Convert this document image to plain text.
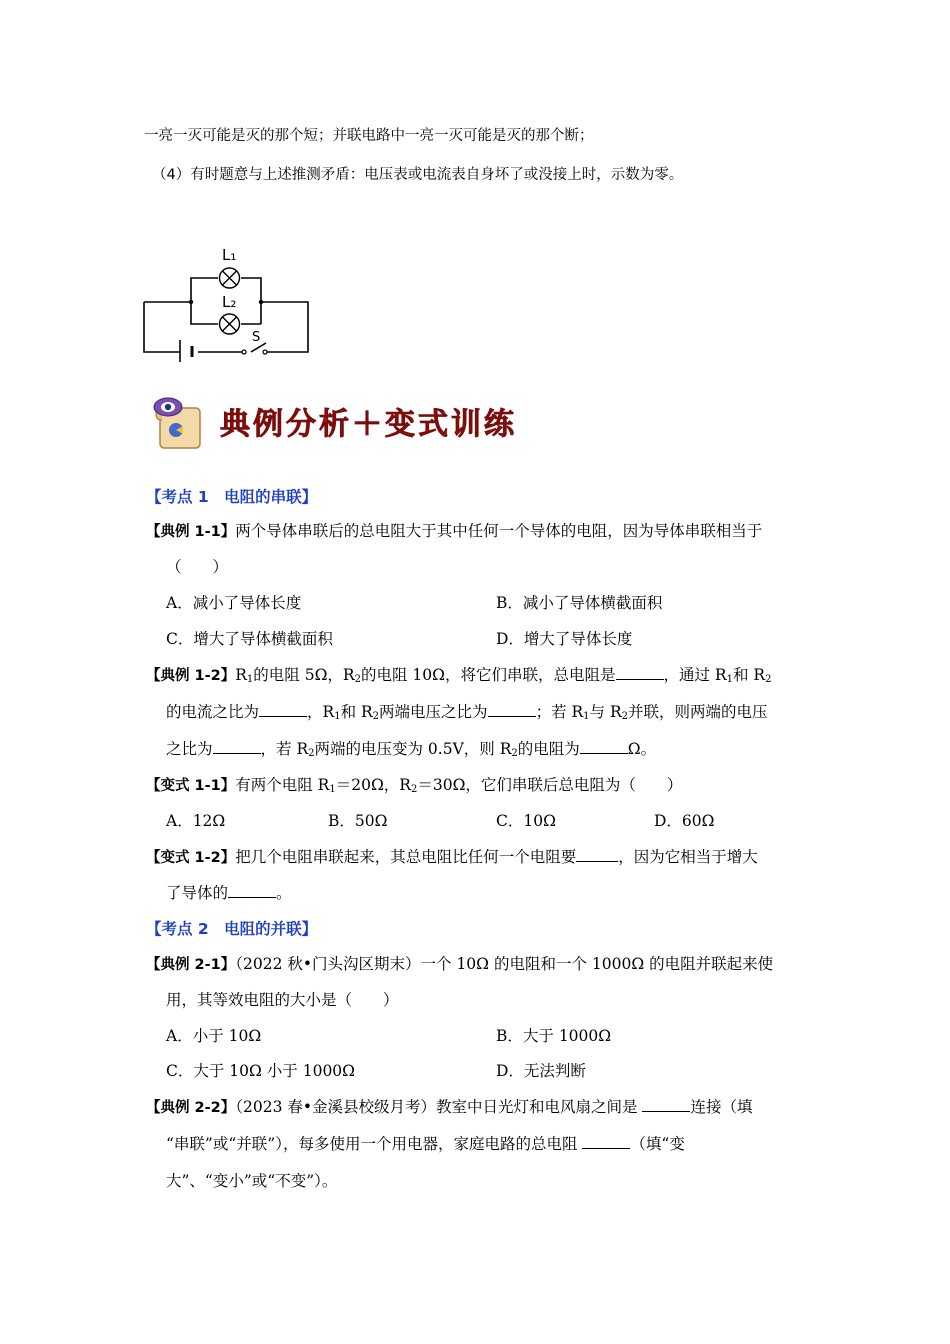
一亮一灭可能是灭的那个短；并联电路中一亮一灭可能是灭的那个断；
（4）有时题意与上述推测矛盾：电压表或电流表自身坏了或没接上时，示数为零。
L₁
L₂
S
典例分析＋变式训练
【考点 1　电阻的串联】
【典例 1-1】两个导体串联后的总电阻大于其中任何一个导体的电阻，因为导体串联相当于
（　　）
A．减小了导体长度	B．减小了导体横截面积
C．增大了导体横截面积	D．增大了导体长度
【典例 1-2】$R_1$的电阻 5Ω，$R_2$的电阻 10Ω，将它们串联，总电阻是	，通过 $R_1$和 $R_2$
的电流之比为	，$R_1$和 $R_2$两端电压之比为	；若 $R_1$与 $R_2$并联，则两端的电压
之比为	，若 $R_2$两端的电压变为 0.5V，则 $R_2$的电阻为	Ω。
【变式 1-1】有两个电阻 $R_1=20\Omega$，$R_2=30\Omega$，它们串联后总电阻为（　　）
A．12Ω	B．50Ω	C．10Ω	D．60Ω
【变式 1-2】把几个电阻串联起来，其总电阻比任何一个电阻要	，因为它相当于增大
了导体的	。
【考点 2　电阻的并联】
【典例 2-1】（2022 秋•门头沟区期末）一个 10Ω 的电阻和一个 1000Ω 的电阻并联起来使
用，其等效电阻的大小是（　　）
A．小于 10Ω	B．大于 1000Ω
C．大于 10Ω 小于 1000Ω	D．无法判断
【典例 2-2】（2023 春•金溪县校级月考）教室中日光灯和电风扇之间是	连接（填
“串联”或“并联”），每多使用一个用电器，家庭电路的总电阻	（填“变
大”、“变小”或“不变”）。
